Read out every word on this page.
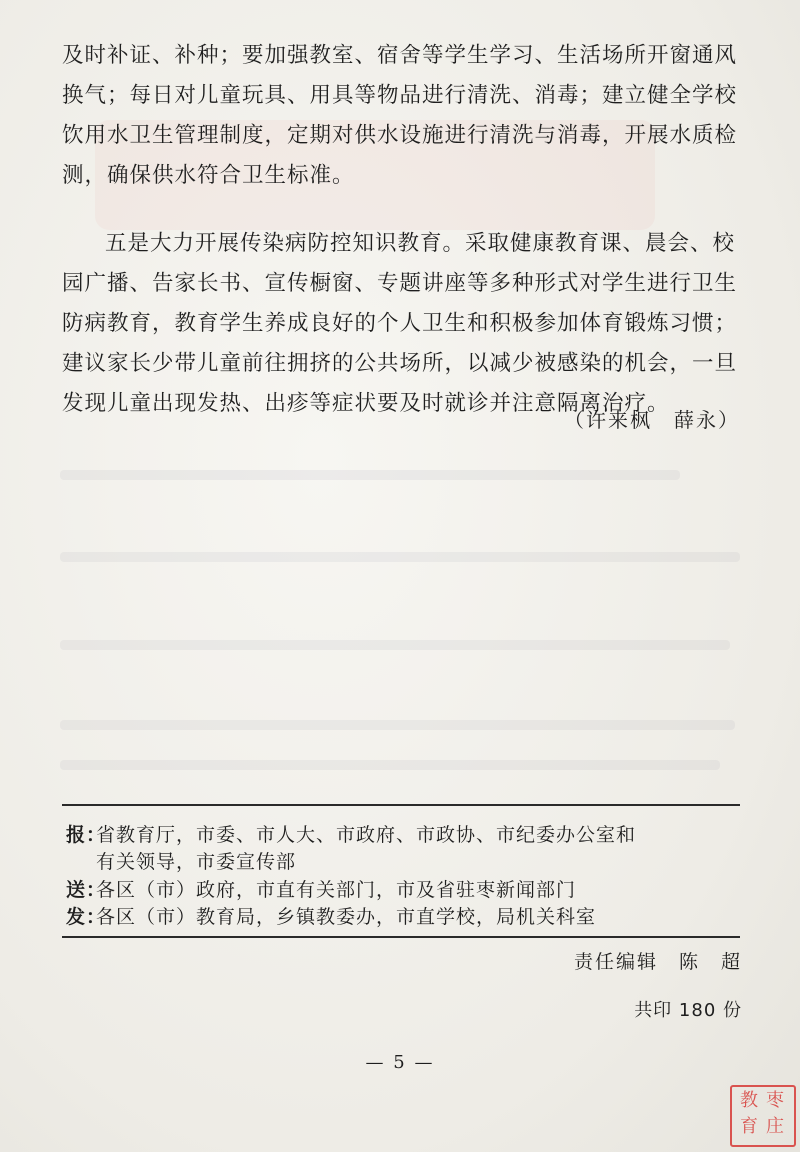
及时补证、补种；要加强教室、宿舍等学生学习、生活场所开窗通风换气；每日对儿童玩具、用具等物品进行清洗、消毒；建立健全学校饮用水卫生管理制度，定期对供水设施进行清洗与消毒，开展水质检测，确保供水符合卫生标准。

五是大力开展传染病防控知识教育。采取健康教育课、晨会、校园广播、告家长书、宣传橱窗、专题讲座等多种形式对学生进行卫生防病教育，教育学生养成良好的个人卫生和积极参加体育锻炼习惯；建议家长少带儿童前往拥挤的公共场所，以减少被感染的机会，一旦发现儿童出现发热、出疹等症状要及时就诊并注意隔离治疗。

（许来枫　薛永）
报：省教育厅，市委、市人大、市政府、市政协、市纪委办公室和
有关领导，市委宣传部
送：各区（市）政府，市直有关部门，市及省驻枣新闻部门
发：各区（市）教育局，乡镇教委办，市直学校，局机关科室
责任编辑　陈　超
共印 180 份
— 5 —
枣
庄
教
育
